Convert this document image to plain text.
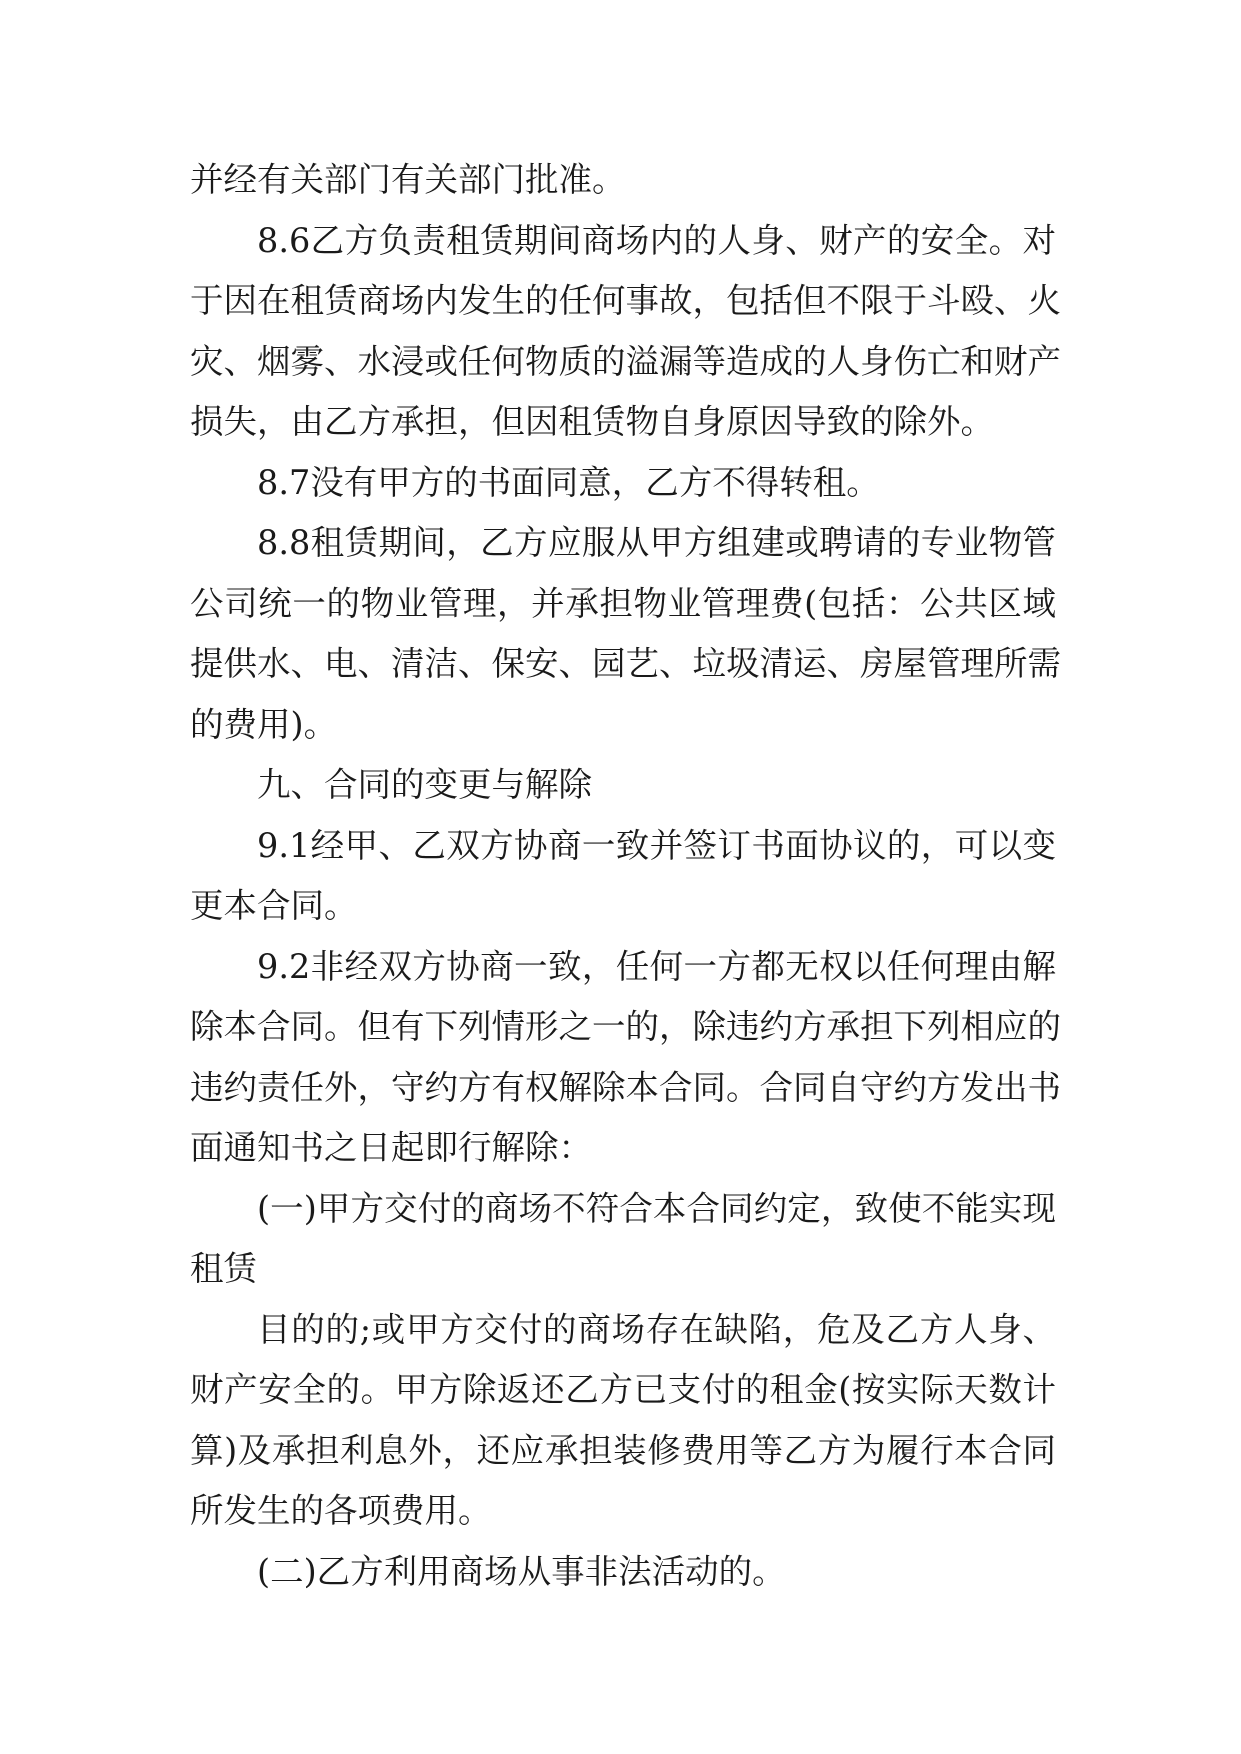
并经有关部门有关部门批准。

8.6乙方负责租赁期间商场内的人身、财产的安全。对
于因在租赁商场内发生的任何事故，包括但不限于斗殴、火
灾、烟雾、水浸或任何物质的溢漏等造成的人身伤亡和财产
损失，由乙方承担，但因租赁物自身原因导致的除外。

8.7没有甲方的书面同意，乙方不得转租。

8.8租赁期间，乙方应服从甲方组建或聘请的专业物管
公司统一的物业管理，并承担物业管理费(包括：公共区域
提供水、电、清洁、保安、园艺、垃圾清运、房屋管理所需
的费用)。

九、合同的变更与解除

9.1经甲、乙双方协商一致并签订书面协议的，可以变
更本合同。

9.2非经双方协商一致，任何一方都无权以任何理由解
除本合同。但有下列情形之一的，除违约方承担下列相应的
违约责任外，守约方有权解除本合同。合同自守约方发出书
面通知书之日起即行解除：

(一)甲方交付的商场不符合本合同约定，致使不能实现
租赁

目的的;或甲方交付的商场存在缺陷，危及乙方人身、
财产安全的。甲方除返还乙方已支付的租金(按实际天数计
算)及承担利息外，还应承担装修费用等乙方为履行本合同
所发生的各项费用。

(二)乙方利用商场从事非法活动的。
